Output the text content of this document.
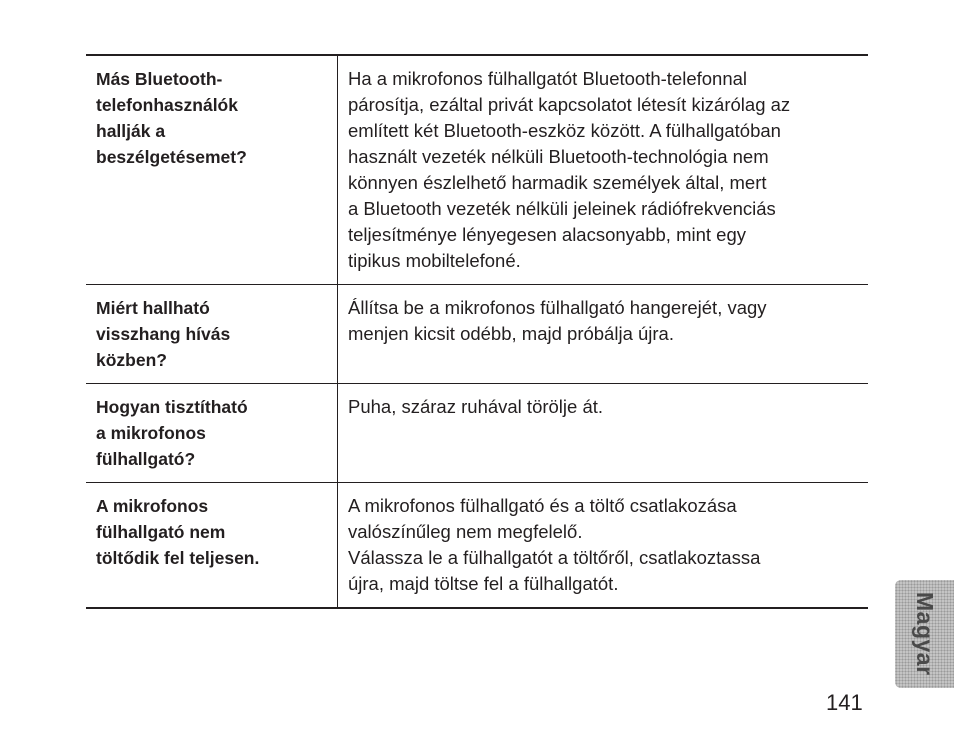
Más Bluetooth-
telefonhasználók
hallják a
beszélgetésemet?
Ha a mikrofonos fülhallgatót Bluetooth-telefonnal
párosítja, ezáltal privát kapcsolatot létesít kizárólag az
említett két Bluetooth-eszköz között. A fülhallgatóban
használt vezeték nélküli Bluetooth-technológia nem
könnyen észlelhető harmadik személyek által, mert
a Bluetooth vezeték nélküli jeleinek rádiófrekvenciás
teljesítménye lényegesen alacsonyabb, mint egy
tipikus mobiltelefoné.
Miért hallható
visszhang hívás
közben?
Állítsa be a mikrofonos fülhallgató hangerejét, vagy
menjen kicsit odébb, majd próbálja újra.
Hogyan tisztítható
a mikrofonos
fülhallgató?
Puha, száraz ruhával törölje át.
A mikrofonos
fülhallgató nem
töltődik fel teljesen.
A mikrofonos fülhallgató és a töltő csatlakozása
valószínűleg nem megfelelő.
Válassza le a fülhallgatót a töltőről, csatlakoztassa
újra, majd töltse fel a fülhallgatót.
Magyar
141
